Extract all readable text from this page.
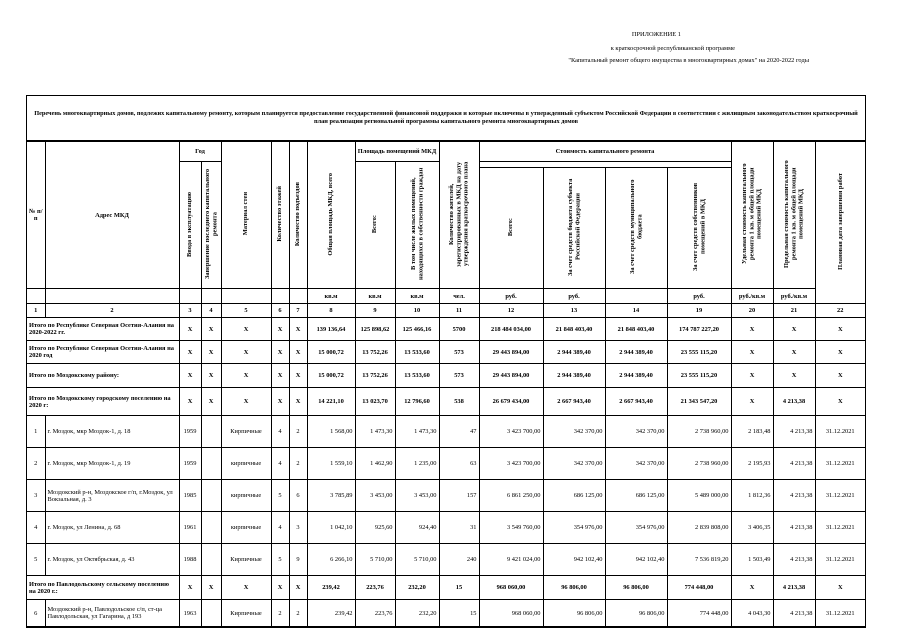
ПРИЛОЖЕНИЕ 1
к краткосрочной республиканской программе
"Капитальный ремонт общего имущества в многоквартирных домах" на 2020-2022 годы
Перечень многоквартирных домов, подлежих капитальному ремонту, которым планируется предоставление государственной финансовой поддержки и которые включены в утвержденный субъектом Российской Федерации в соответствии с жилищным законодательством краткосрочный план реализации региональной программы капитального ремонта многоквартирных домов
№ п/п	Адрес МКД	Год		Материал стен	Количество этажей	Количество подъездов	Общая площадь МКД, всего	Площадь помещений МКД		Количество жителей, зарегистрированных в МКД на дату утверждения краткосрочного плана	Стоимость капитального ремонта				Удельная стоимость капитального ремонта 1 кв. м общей площади помещений МКД	Предельная стоимость капитального ремонта 1 кв. м общей площади помещений МКД	Плановая дата завершения работ
		Ввода в эксплуатацию	Завершение последнего капитального ремонта					Всего:	В том числе жилых помещений, находящихся в собственности граждан								
											Всего:	За счет средств бюджета субъекта Российской Федерации	За счет средств муниципального бюджета	За счет средств собственников помещений в МКД			
							кв.м	кв.м	кв.м	чел.	руб.	руб.		руб.	руб./кв.м	руб./кв.м	
1	2	3	4	5	6	7	8	9	10	11	12	13	14	19	20	21	22
Итого по Республике Северная Осетия-Алания на 2020-2022 гг.		X	X	X	X	X	139 136,64	125 898,62	125 466,16	5700	218 484 034,00	21 848 403,40	21 848 403,40	174 787 227,20	X	X	X
Итого по Республике Северная Осетия-Алания на 2020 год		X	X	X	X	X	15 000,72	13 752,26	13 533,60	573	29 443 894,00	2 944 389,40	2 944 389,40	23 555 115,20	X	X	X
Итого по Моздокскому району:		X	X	X	X	X	15 000,72	13 752,26	13 533,60	573	29 443 894,00	2 944 389,40	2 944 389,40	23 555 115,20	X	X	X
Итого по Моздокскому городскому поселению на 2020 г:		X	X	X	X	X	14 221,10	13 023,70	12 796,60	538	26 679 434,00	2 667 943,40	2 667 943,40	21 343 547,20	X	4 213,38	X
1	г. Моздок, мкр Моздок-1, д. 18	1959		Кирпичные	4	2	1 568,00	1 473,30	1 473,30	47	3 423 700,00	342 370,00	342 370,00	2 738 960,00	2 183,48	4 213,38	31.12.2021
2	г. Моздок, мкр Моздок-1, д. 19	1959		кирпичные	4	2	1 559,10	1 462,90	1 235,00	63	3 423 700,00	342 370,00	342 370,00	2 738 960,00	2 195,93	4 213,38	31.12.2021
3	Моздокский р-н, Моздокское г/п, г.Моздок, ул Вокзальная, д. 3	1985		кирпичные	5	6	3 785,89	3 453,00	3 453,00	157	6 861 250,00	686 125,00	686 125,00	5 489 000,00	1 812,36	4 213,38	31.12.2021
4	г. Моздок, ул Ленина, д. 68	1961		кирпичные	4	3	1 042,10	925,60	924,40	31	3 549 760,00	354 976,00	354 976,00	2 839 808,00	3 406,35	4 213,38	31.12.2021
5	г. Моздок, ул Октябрьская, д. 43	1988		Кирпичные	5	9	6 266,10	5 710,00	5 710,00	240	9 421 024,00	942 102,40	942 102,40	7 536 819,20	1 503,49	4 213,38	31.12.2021
Итого по Павлодольскому сельскому поселению на 2020 г.:		X	X	X	X	X	239,42	223,76	232,20	15	968 060,00	96 806,00	96 806,00	774 448,00	X	4 213,38	X
6	Моздокский р-н, Павлодольское с/п, ст-ца Павлодольская, ул Гагарина, д 193	1963		Кирпичные	2	2	239,42	223,76	232,20	15	968 060,00	96 806,00	96 806,00	774 448,00	4 043,30	4 213,38	31.12.2021
